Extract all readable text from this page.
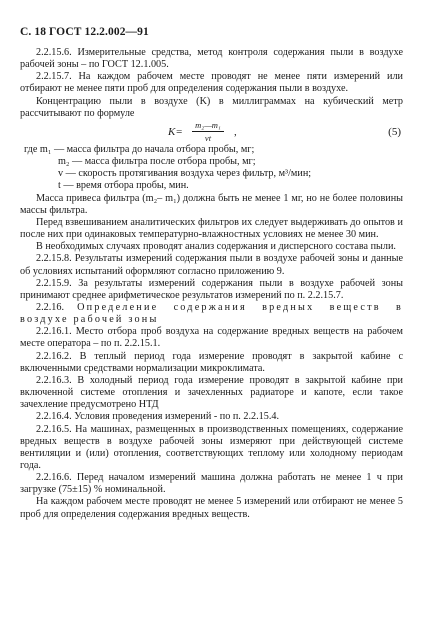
С. 18 ГОСТ 12.2.002—91

2.2.15.6. Измерительные средства, метод контроля содержания пыли в воздухе рабочей зоны – по ГОСТ 12.1.005.

2.2.15.7. На каждом рабочем месте проводят не менее пяти измерений или отбирают не менее пяти проб для определения содержания пыли в воздухе.

Концентрацию пыли в воздухе (K) в миллиграммах на кубический метр рассчитывают по формуле

K=
m₂—m₁
vt	,	(5)

где m₁ — масса фильтра до начала отбора пробы, мг;

m₂ — масса фильтра после отбора пробы, мг;

v — скорость протягивания воздуха через фильтр, м³/мин;

t — время отбора пробы, мин.

Масса привеса фильтра (m₂– m₁) должна быть не менее 1 мг, но не более половины массы фильтра.

Перед взвешиванием аналитических фильтров их следует выдерживать до опытов и после них при одинаковых температурно-влажностных условиях не менее 30 мин.

В необходимых случаях проводят анализ содержания и дисперсного состава пыли.

2.2.15.8. Результаты измерений содержания пыли в воздухе рабочей зоны и данные об условиях испытаний оформляют согласно приложению 9.

2.2.15.9. За результаты измерений содержания пыли в воздухе рабочей зоны принимают среднее арифметическое результатов измерений по п. 2.2.15.7.

2.2.16. Определение содержания вредных веществ в воздухе рабочей зоны

2.2.16.1. Место отбора проб воздуха на содержание вредных веществ на рабочем месте оператора – по п. 2.2.15.1.

2.2.16.2. В теплый период года измерение проводят в закрытой кабине с включенными средствами нормализации микроклимата.

2.2.16.3. В холодный период года измерение проводят в закрытой кабине при включенной системе отопления и зачехленных радиаторе и капоте, если такое зачехление предусмотрено НТД

2.2.16.4. Условия проведения измерений - по п. 2.2.15.4.

2.2.16.5. На машинах, размещенных в производственных помещениях, содержание вредных веществ в воздухе рабочей зоны измеряют при действующей системе вентиляции и (или) отопления, соответствующих теплому или холодному периодам года.

2.2.16.6. Перед началом измерений машина должна работать не менее 1 ч при загрузке (75±15) % номинальной.

На каждом рабочем месте проводят не менее 5 измерений или отбирают не менее 5 проб для определения содержания вредных веществ.
